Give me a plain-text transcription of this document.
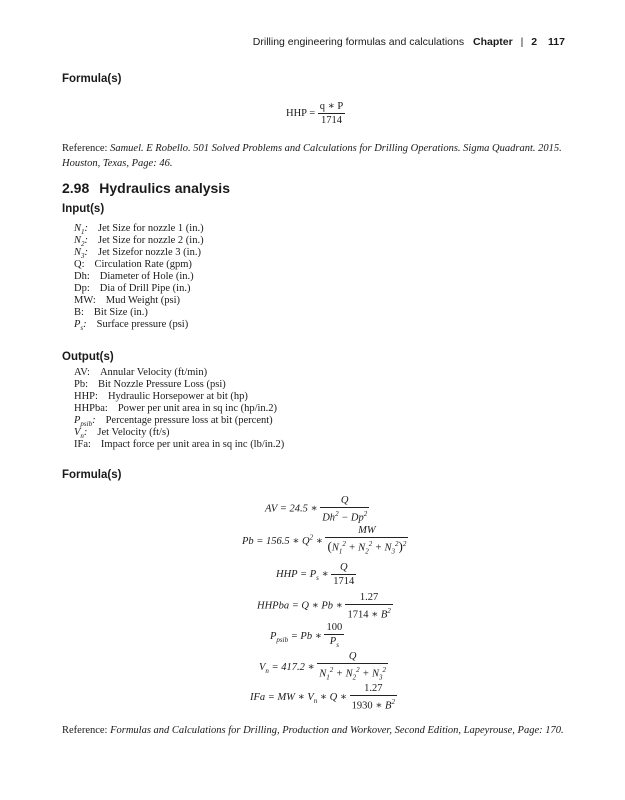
Drilling engineering formulas and calculations Chapter | 2 117
Formula(s)
HHP = $\frac{q ∗ P}{1714}$
Reference: Samuel. E Robello. 501 Solved Problems and Calculations for Drilling Operations. Sigma Quadrant. 2015. Houston, Texas, Page: 46.
2.98 Hydraulics analysis
Input(s)
$N_1$: Jet Size for nozzle 1 (in.)
$N_2$: Jet Size for nozzle 2 (in.)
$N_3$: Jet Sizefor nozzle 3 (in.)
Q: Circulation Rate (gpm)
Dh: Diameter of Hole (in.)
Dp: Dia of Drill Pipe (in.)
MW: Mud Weight (psi)
B: Bit Size (in.)
$P_s$: Surface pressure (psi)
Output(s)
AV: Annular Velocity (ft/min)
Pb: Bit Nozzle Pressure Loss (psi)
HHP: Hydraulic Horsepower at bit (hp)
HHPba: Power per unit area in sq inc (hp/in.2)
$P_{psib}$: Percentage pressure loss at bit (percent)
$V_n$: Jet Velocity (ft/s)
IFa: Impact force per unit area in sq inc (lb/in.2)
Formula(s)
AV = 24.5 ∗ $\frac{Q}{Dh^2 - Dp^2}$
Pb = 156.5 ∗ $Q^2$ ∗ $\frac{MW}{(N_1^2 + N_2^2 + N_3^2)^2}$
HHP = $P_s$ ∗ $\frac{Q}{1714}$
HHPba = Q ∗ Pb ∗ $\frac{1.27}{1714 ∗ B^2}$
$P_{psib} = Pb$ ∗ $\frac{100}{P_s}$
$V_n = 417.2$ ∗ $\frac{Q}{N_1^2 + N_2^2 + N_3^2}$
IFa = MW ∗ $V_n$ ∗ Q ∗ $\frac{1.27}{1930 ∗ B^2}$
Reference: Formulas and Calculations for Drilling, Production and Workover, Second Edition, Lapeyrouse, Page: 170.
